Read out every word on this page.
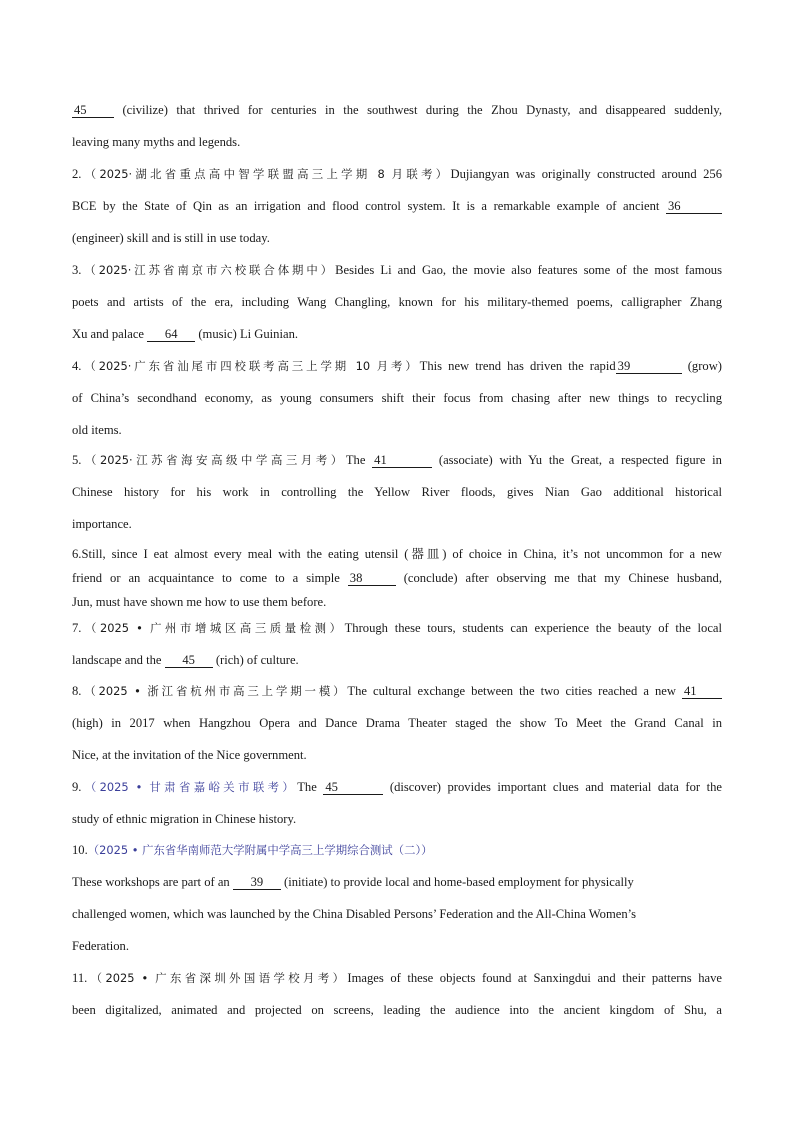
45 (civilize) that thrived for centuries in the southwest during the Zhou Dynasty, and disappeared suddenly,
leaving many myths and legends.
2.（2025·湖北省重点高中智学联盟高三上学期 8 月联考）Dujiangyan was originally constructed around 256
BCE by the State of Qin as an irrigation and flood control system. It is a remarkable example of ancient 36
(engineer) skill and is still in use today.
3.（2025·江苏省南京市六校联合体期中）Besides Li and Gao, the movie also features some of the most famous
poets and artists of the era, including Wang Changling, known for his military-themed poems, calligrapher Zhang
Xu and palace 64 (music) Li Guinian.
4.（2025·广东省汕尾市四校联考高三上学期 10 月考）This new trend has driven the rapid 39	(grow)
of China’s secondhand economy, as young consumers shift their focus from chasing after new things to recycling
old items.
5.（2025·江苏省海安高级中学高三月考）The 41	(associate) with Yu the Great, a respected figure in
Chinese history for his work in controlling the Yellow River floods, gives Nian Gao additional historical
importance.
6.Still, since I eat almost every meal with the eating utensil (器皿) of choice in China, it’s not uncommon for a new
friend or an acquaintance to come to a simple 38	(conclude) after observing me that my Chinese husband,
Jun, must have shown me how to use them before.
7.（2025 • 广州市增城区高三质量检测）Through these tours, students can experience the beauty of the local
landscape and the 45 (rich) of culture.
8.（2025 • 浙江省杭州市高三上学期一模）The cultural exchange between the two cities reached a new 41
(high) in 2017 when Hangzhou Opera and Dance Drama Theater staged the show To Meet the Grand Canal in
Nice, at the invitation of the Nice government.
9.（2025 • 甘肃省嘉峪关市联考）The 45	(discover) provides important clues and material data for the
study of ethnic migration in Chinese history.
10.（2025 • 广东省华南师范大学附属中学高三上学期综合测试（二））
These workshops are part of an 39 (initiate) to provide local and home-based employment for physically
challenged women, which was launched by the China Disabled Persons’ Federation and the All-China Women’s
Federation.
11.（2025 • 广东省深圳外国语学校月考）Images of these objects found at Sanxingdui and their patterns have
been digitalized, animated and projected on screens, leading the audience into the ancient kingdom of Shu, a
